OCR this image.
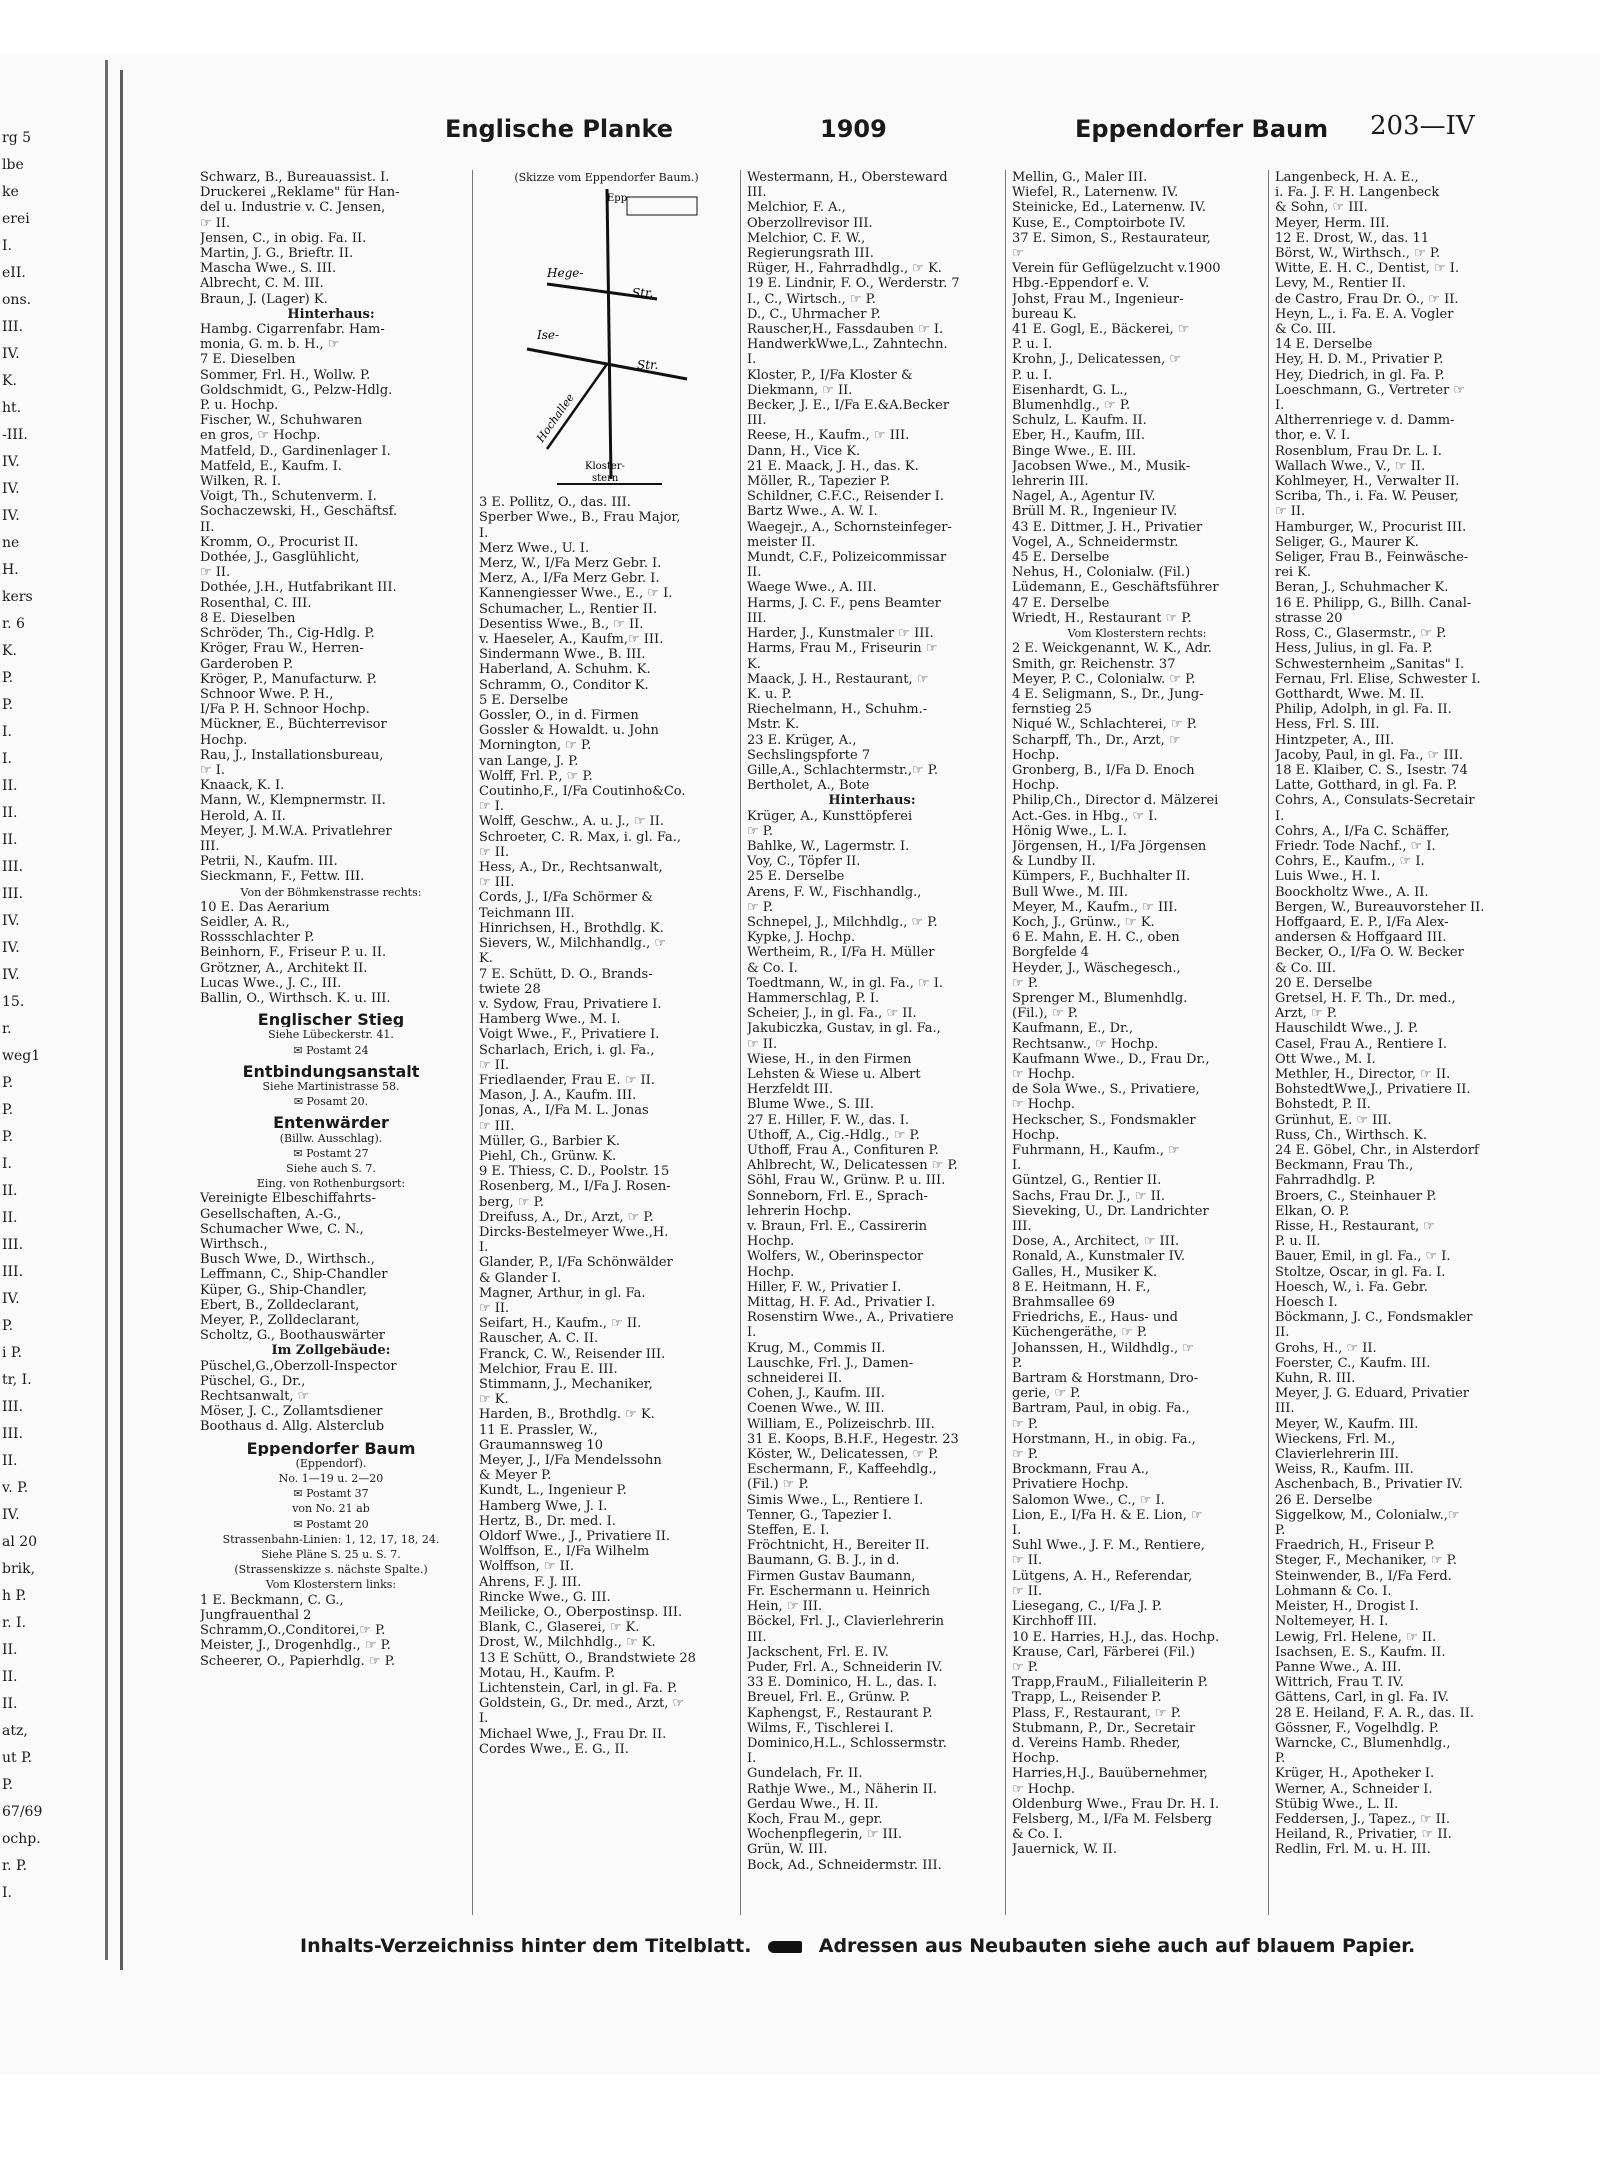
rg 5
lbe
ke
erei
I.
eII.
ons.
III.
IV.
K.
ht.
-III.
IV.
IV.
IV.
ne
H.
kers
r. 6
K.
P.
P.
I.
I.
II.
II.
II.
III.
III.
IV.
IV.
IV.
15.
r.
weg1
P.
P.
P.
I.
II.
II.
III.
III.
IV.
P.
i P.
tr, I.
III.
III.
II.
v. P.
IV.
al 20
brik,
h P.
r. I.
II.
II.
II.
atz,
ut P.
P.
67/69
ochp.
r. P.
I.
Englische Planke	1909	Eppendorfer Baum 203—IV
Schwarz, B., Bureauassist. I.
Druckerei „Reklame" für Han-
del u. Industrie v. C. Jensen,
☞ II.
Jensen, C., in obig. Fa. II.
Martin, J. G., Brieftr. II.
Mascha Wwe., S. III.
Albrecht, C. M. III.
Braun, J. (Lager) K.
Hinterhaus:
Hambg. Cigarrenfabr. Ham-
monia, G. m. b. H., ☞
7 E. Dieselben
Sommer, Frl. H., Wollw. P.
Goldschmidt, G., Pelzw-Hdlg.
P. u. Hochp.
Fischer, W., Schuhwaren
en gros, ☞ Hochp.
Matfeld, D., Gardinenlager I.
Matfeld, E., Kaufm. I.
Wilken, R. I.
Voigt, Th., Schutenverm. I.
Sochaczewski, H., Geschäftsf.
II.
Kromm, O., Procurist II.
Dothée, J., Gasglühlicht,
☞ II.
Dothée, J.H., Hutfabrikant III.
Rosenthal, C. III.
8 E. Dieselben
Schröder, Th., Cig-Hdlg. P.
Kröger, Frau W., Herren-
Garderoben P.
Kröger, P., Manufacturw. P.
Schnoor Wwe. P. H.,
I/Fa P. H. Schnoor Hochp.
Mückner, E., Büchterrevisor
Hochp.
Rau, J., Installationsbureau,
☞ I.
Knaack, K. I.
Mann, W., Klempnermstr. II.
Herold, A. II.
Meyer, J. M.W.A. Privatlehrer
III.
Petrii, N., Kaufm. III.
Sieckmann, F., Fettw. III.
Von der Böhmkenstrasse rechts:
10 E. Das Aerarium
Seidler, A. R.,
Rossschlachter P.
Beinhorn, F., Friseur P. u. II.
Grötzner, A., Architekt II.
Lucas Wwe., J. C., III.
Ballin, O., Wirthsch. K. u. III.
Englischer Stieg
Siehe Lübeckerstr. 41.
✉ Postamt 24
Entbindungsanstalt
Siehe Martinistrasse 58.
✉ Posamt 20.
Entenwärder
(Billw. Ausschlag).
✉ Postamt 27
Siehe auch S. 7.
Eing. von Rothenburgsort:
Vereinigte Elbeschiffahrts-
Gesellschaften, A.-G.,
Schumacher Wwe, C. N.,
Wirthsch.,
Busch Wwe, D., Wirthsch.,
Leffmann, C., Ship-Chandler
Küper, G., Ship-Chandler,
Ebert, B., Zolldeclarant,
Meyer, P., Zolldeclarant,
Scholtz, G., Boothauswärter
Im Zollgebäude:
Püschel,G.,Oberzoll-Inspector
Püschel, G., Dr.,
Rechtsanwalt, ☞
Möser, J. C., Zollamtsdiener
Boothaus d. Allg. Alsterclub
Eppendorfer Baum
(Eppendorf).
No. 1—19 u. 2—20
✉ Postamt 37
von No. 21 ab
✉ Postamt 20
Strassenbahn-Linien: 1, 12, 17, 18, 24.
Siehe Pläne S. 25 u. S. 7.
(Strassenskizze s. nächste Spalte.)
Vom Klosterstern links:
1 E. Beckmann, C. G.,
Jungfrauenthal 2
Schramm,O.,Conditorei,☞ P.
Meister, J., Drogenhdlg., ☞ P.
Scheerer, O., Papierhdlg. ☞ P.
(Skizze vom Eppendorfer Baum.)
Epp
Hege-
Str.
Ise-
Str.
Hochallee
Kloster-
stern
3 E. Pollitz, O., das. III.
Sperber Wwe., B., Frau Major,
I.
Merz Wwe., U. I.
Merz, W., I/Fa Merz Gebr. I.
Merz, A., I/Fa Merz Gebr. I.
Kannengiesser Wwe., E., ☞ I.
Schumacher, L., Rentier II.
Desentiss Wwe., B., ☞ II.
v. Haeseler, A., Kaufm,☞ III.
Sindermann Wwe., B. III.
Haberland, A. Schuhm. K.
Schramm, O., Conditor K.
5 E. Derselbe
Gossler, O., in d. Firmen
Gossler & Howaldt. u. John
Mornington, ☞ P.
van Lange, J. P.
Wolff, Frl. P., ☞ P.
Coutinho,F., I/Fa Coutinho&Co.
☞ I.
Wolff, Geschw., A. u. J., ☞ II.
Schroeter, C. R. Max, i. gl. Fa.,
☞ II.
Hess, A., Dr., Rechtsanwalt,
☞ III.
Cords, J., I/Fa Schörmer &
Teichmann III.
Hinrichsen, H., Brothdlg. K.
Sievers, W., Milchhandlg., ☞
K.
7 E. Schütt, D. O., Brands-
twiete 28
v. Sydow, Frau, Privatiere I.
Hamberg Wwe., M. I.
Voigt Wwe., F., Privatiere I.
Scharlach, Erich, i. gl. Fa.,
☞ II.
Friedlaender, Frau E. ☞ II.
Mason, J. A., Kaufm. III.
Jonas, A., I/Fa M. L. Jonas
☞ III.
Müller, G., Barbier K.
Piehl, Ch., Grünw. K.
9 E. Thiess, C. D., Poolstr. 15
Rosenberg, M., I/Fa J. Rosen-
berg, ☞ P.
Dreifuss, A., Dr., Arzt, ☞ P.
Dircks-Bestelmeyer Wwe.,H.
I.
Glander, P., I/Fa Schönwälder
& Glander I.
Magner, Arthur, in gl. Fa.
☞ II.
Seifart, H., Kaufm., ☞ II.
Rauscher, A. C. II.
Franck, C. W., Reisender III.
Melchior, Frau E. III.
Stimmann, J., Mechaniker,
☞ K.
Harden, B., Brothdlg. ☞ K.
11 E. Prassler, W.,
Graumannsweg 10
Meyer, J., I/Fa Mendelssohn
& Meyer P.
Kundt, L., Ingenieur P.
Hamberg Wwe, J. I.
Hertz, B., Dr. med. I.
Oldorf Wwe., J., Privatiere II.
Wolffson, E., I/Fa Wilhelm
Wolffson, ☞ II.
Ahrens, F. J. III.
Rincke Wwe., G. III.
Meilicke, O., Oberpostinsp. III.
Blank, C., Glaserei, ☞ K.
Drost, W., Milchhdlg., ☞ K.
13 E Schütt, O., Brandstwiete 28
Motau, H., Kaufm. P.
Lichtenstein, Carl, in gl. Fa. P.
Goldstein, G., Dr. med., Arzt, ☞
I.
Michael Wwe, J., Frau Dr. II.
Cordes Wwe., E. G., II.
Westermann, H., Obersteward
III.
Melchior, F. A.,
Oberzollrevisor III.
Melchior, C. F. W.,
Regierungsrath III.
Rüger, H., Fahrradhdlg., ☞ K.
19 E. Lindnir, F. O., Werderstr. 7
I., C., Wirtsch., ☞ P.
D., C., Uhrmacher P.
Rauscher,H., Fassdauben ☞ I.
HandwerkWwe,L., Zahntechn.
I.
Kloster, P., I/Fa Kloster &
Diekmann, ☞ II.
Becker, J. E., I/Fa E.&A.Becker
III.
Reese, H., Kaufm., ☞ III.
Dann, H., Vice K.
21 E. Maack, J. H., das. K.
Möller, R., Tapezier P.
Schildner, C.F.C., Reisender I.
Bartz Wwe., A. W. I.
Waegejr., A., Schornsteinfeger-
meister II.
Mundt, C.F., Polizeicommissar
II.
Waege Wwe., A. III.
Harms, J. C. F., pens Beamter
III.
Harder, J., Kunstmaler ☞ III.
Harms, Frau M., Friseurin ☞
K.
Maack, J. H., Restaurant, ☞
K. u. P.
Riechelmann, H., Schuhm.-
Mstr. K.
23 E. Krüger, A.,
Sechslingspforte 7
Gille,A., Schlachtermstr.,☞ P.
Bertholet, A., Bote
Hinterhaus:
Krüger, A., Kunsttöpferei
☞ P.
Bahlke, W., Lagermstr. I.
Voy, C., Töpfer II.
25 E. Derselbe
Arens, F. W., Fischhandlg.,
☞ P.
Schnepel, J., Milchhdlg., ☞ P.
Kypke, J. Hochp.
Wertheim, R., I/Fa H. Müller
& Co. I.
Toedtmann, W., in gl. Fa., ☞ I.
Hammerschlag, P. I.
Scheier, J., in gl. Fa., ☞ II.
Jakubiczka, Gustav, in gl. Fa.,
☞ II.
Wiese, H., in den Firmen
Lehsten & Wiese u. Albert
Herzfeldt III.
Blume Wwe., S. III.
27 E. Hiller, F. W., das. I.
Uthoff, A., Cig.-Hdlg., ☞ P.
Uthoff, Frau A., Confituren P.
Ahlbrecht, W., Delicatessen ☞ P.
Söhl, Frau W., Grünw. P. u. III.
Sonneborn, Frl. E., Sprach-
lehrerin Hochp.
v. Braun, Frl. E., Cassirerin
Hochp.
Wolfers, W., Oberinspector
Hochp.
Hiller, F. W., Privatier I.
Mittag, H. F. Ad., Privatier I.
Rosenstirn Wwe., A., Privatiere
I.
Krug, M., Commis II.
Lauschke, Frl. J., Damen-
schneiderei II.
Cohen, J., Kaufm. III.
Coenen Wwe., W. III.
William, E., Polizeischrb. III.
31 E. Koops, B.H.F., Hegestr. 23
Köster, W., Delicatessen, ☞ P.
Eschermann, F., Kaffeehdlg.,
(Fil.) ☞ P.
Simis Wwe., L., Rentiere I.
Tenner, G., Tapezier I.
Steffen, E. I.
Fröchtnicht, H., Bereiter II.
Baumann, G. B. J., in d.
Firmen Gustav Baumann,
Fr. Eschermann u. Heinrich
Hein, ☞ III.
Böckel, Frl. J., Clavierlehrerin
III.
Jackschent, Frl. E. IV.
Puder, Frl. A., Schneiderin IV.
33 E. Dominico, H. L., das. I.
Breuel, Frl. E., Grünw. P.
Kaphengst, F., Restaurant P.
Wilms, F., Tischlerei I.
Dominico,H.L., Schlossermstr.
I.
Gundelach, Fr. II.
Rathje Wwe., M., Näherin II.
Gerdau Wwe., H. II.
Koch, Frau M., gepr.
Wochenpflegerin, ☞ III.
Grün, W. III.
Bock, Ad., Schneidermstr. III.
Mellin, G., Maler III.
Wiefel, R., Laternenw. IV.
Steinicke, Ed., Laternenw. IV.
Kuse, E., Comptoirbote IV.
37 E. Simon, S., Restaurateur,
☞
Verein für Geflügelzucht v.1900
Hbg.-Eppendorf e. V.
Johst, Frau M., Ingenieur-
bureau K.
41 E. Gogl, E., Bäckerei, ☞
P. u. I.
Krohn, J., Delicatessen, ☞
P. u. I.
Eisenhardt, G. L.,
Blumenhdlg., ☞ P.
Schulz, L. Kaufm. II.
Eber, H., Kaufm, III.
Binge Wwe., E. III.
Jacobsen Wwe., M., Musik-
lehrerin III.
Nagel, A., Agentur IV.
Brüll M. R., Ingenieur IV.
43 E. Dittmer, J. H., Privatier
Vogel, A., Schneidermstr.
45 E. Derselbe
Nehus, H., Colonialw. (Fil.)
Lüdemann, E., Geschäftsführer
47 E. Derselbe
Wriedt, H., Restaurant ☞ P.
Vom Klosterstern rechts:
2 E. Weickgenannt, W. K., Adr.
Smith, gr. Reichenstr. 37
Meyer, P. C., Colonialw. ☞ P.
4 E. Seligmann, S., Dr., Jung-
fernstieg 25
Niqué W., Schlachterei, ☞ P.
Scharpff, Th., Dr., Arzt, ☞
Hochp.
Gronberg, B., I/Fa D. Enoch
Hochp.
Philip,Ch., Director d. Mälzerei
Act.-Ges. in Hbg., ☞ I.
Hönig Wwe., L. I.
Jörgensen, H., I/Fa Jörgensen
& Lundby II.
Kümpers, F., Buchhalter II.
Bull Wwe., M. III.
Meyer, M., Kaufm., ☞ III.
Koch, J., Grünw., ☞ K.
6 E. Mahn, E. H. C., oben
Borgfelde 4
Heyder, J., Wäschegesch.,
☞ P.
Sprenger M., Blumenhdlg.
(Fil.), ☞ P.
Kaufmann, E., Dr.,
Rechtsanw., ☞ Hochp.
Kaufmann Wwe., D., Frau Dr.,
☞ Hochp.
de Sola Wwe., S., Privatiere,
☞ Hochp.
Heckscher, S., Fondsmakler
Hochp.
Fuhrmann, H., Kaufm., ☞
I.
Güntzel, G., Rentier II.
Sachs, Frau Dr. J., ☞ II.
Sieveking, U., Dr. Landrichter
III.
Dose, A., Architect, ☞ III.
Ronald, A., Kunstmaler IV.
Galles, H., Musiker K.
8 E. Heitmann, H. F.,
Brahmsallee 69
Friedrichs, E., Haus- und
Küchengeräthe, ☞ P.
Johanssen, H., Wildhdlg., ☞
P.
Bartram & Horstmann, Dro-
gerie, ☞ P.
Bartram, Paul, in obig. Fa.,
☞ P.
Horstmann, H., in obig. Fa.,
☞ P.
Brockmann, Frau A.,
Privatiere Hochp.
Salomon Wwe., C., ☞ I.
Lion, E., I/Fa H. & E. Lion, ☞
I.
Suhl Wwe., J. F. M., Rentiere,
☞ II.
Lütgens, A. H., Referendar,
☞ II.
Liesegang, C., I/Fa J. P.
Kirchhoff III.
10 E. Harries, H.J., das. Hochp.
Krause, Carl, Färberei (Fil.)
☞ P.
Trapp,FrauM., Filialleiterin P.
Trapp, L., Reisender P.
Plass, F., Restaurant, ☞ P.
Stubmann, P., Dr., Secretair
d. Vereins Hamb. Rheder,
Hochp.
Harries,H.J., Bauübernehmer,
☞ Hochp.
Oldenburg Wwe., Frau Dr. H. I.
Felsberg, M., I/Fa M. Felsberg
& Co. I.
Jauernick, W. II.
Langenbeck, H. A. E.,
i. Fa. J. F. H. Langenbeck
& Sohn, ☞ III.
Meyer, Herm. III.
12 E. Drost, W., das. 11
Börst, W., Wirthsch., ☞ P.
Witte, E. H. C., Dentist, ☞ I.
Levy, M., Rentier II.
de Castro, Frau Dr. O., ☞ II.
Heyn, L., i. Fa. E. A. Vogler
& Co. III.
14 E. Derselbe
Hey, H. D. M., Privatier P.
Hey, Diedrich, in gl. Fa. P.
Loeschmann, G., Vertreter ☞
I.
Altherrenriege v. d. Damm-
thor, e. V. I.
Rosenblum, Frau Dr. L. I.
Wallach Wwe., V., ☞ II.
Kohlmeyer, H., Verwalter II.
Scriba, Th., i. Fa. W. Peuser,
☞ II.
Hamburger, W., Procurist III.
Seliger, G., Maurer K.
Seliger, Frau B., Feinwäsche-
rei K.
Beran, J., Schuhmacher K.
16 E. Philipp, G., Billh. Canal-
strasse 20
Ross, C., Glasermstr., ☞ P.
Hess, Julius, in gl. Fa. P.
Schwesternheim „Sanitas" I.
Fernau, Frl. Elise, Schwester I.
Gotthardt, Wwe. M. II.
Philip, Adolph, in gl. Fa. II.
Hess, Frl. S. III.
Hintzpeter, A., III.
Jacoby, Paul, in gl. Fa., ☞ III.
18 E. Klaiber, C. S., Isestr. 74
Latte, Gotthard, in gl. Fa. P.
Cohrs, A., Consulats-Secretair
I.
Cohrs, A., I/Fa C. Schäffer,
Friedr. Tode Nachf., ☞ I.
Cohrs, E., Kaufm., ☞ I.
Luis Wwe., H. I.
Boockholtz Wwe., A. II.
Bergen, W., Bureauvorsteher II.
Hoffgaard, E. P., I/Fa Alex-
andersen & Hoffgaard III.
Becker, O., I/Fa O. W. Becker
& Co. III.
20 E. Derselbe
Gretsel, H. F. Th., Dr. med.,
Arzt, ☞ P.
Hauschildt Wwe., J. P.
Casel, Frau A., Rentiere I.
Ott Wwe., M. I.
Methler, H., Director, ☞ II.
BohstedtWwe,J., Privatiere II.
Bohstedt, P. II.
Grünhut, E. ☞ III.
Russ, Ch., Wirthsch. K.
24 E. Göbel, Chr., in Alsterdorf
Beckmann, Frau Th.,
Fahrradhdlg. P.
Broers, C., Steinhauer P.
Elkan, O. P.
Risse, H., Restaurant, ☞
P. u. II.
Bauer, Emil, in gl. Fa., ☞ I.
Stoltze, Oscar, in gl. Fa. I.
Hoesch, W., i. Fa. Gebr.
Hoesch I.
Böckmann, J. C., Fondsmakler
II.
Grohs, H., ☞ II.
Foerster, C., Kaufm. III.
Kuhn, R. III.
Meyer, J. G. Eduard, Privatier
III.
Meyer, W., Kaufm. III.
Wieckens, Frl. M.,
Clavierlehrerin III.
Weiss, R., Kaufm. III.
Aschenbach, B., Privatier IV.
26 E. Derselbe
Siggelkow, M., Colonialw.,☞
P.
Fraedrich, H., Friseur P.
Steger, F., Mechaniker, ☞ P.
Steinwender, B., I/Fa Ferd.
Lohmann & Co. I.
Meister, H., Drogist I.
Noltemeyer, H. I.
Lewig, Frl. Helene, ☞ II.
Isachsen, E. S., Kaufm. II.
Panne Wwe., A. III.
Wittrich, Frau T. IV.
Gättens, Carl, in gl. Fa. IV.
28 E. Heiland, F. A. R., das. II.
Gössner, F., Vogelhdlg. P.
Warncke, C., Blumenhdlg.,
P.
Krüger, H., Apotheker I.
Werner, A., Schneider I.
Stübig Wwe., L. II.
Feddersen, J., Tapez., ☞ II.
Heiland, R., Privatier, ☞ II.
Redlin, Frl. M. u. H. III.
Inhalts-Verzeichniss hinter dem Titelblatt.	Adressen aus Neubauten siehe auch auf blauem Papier.
